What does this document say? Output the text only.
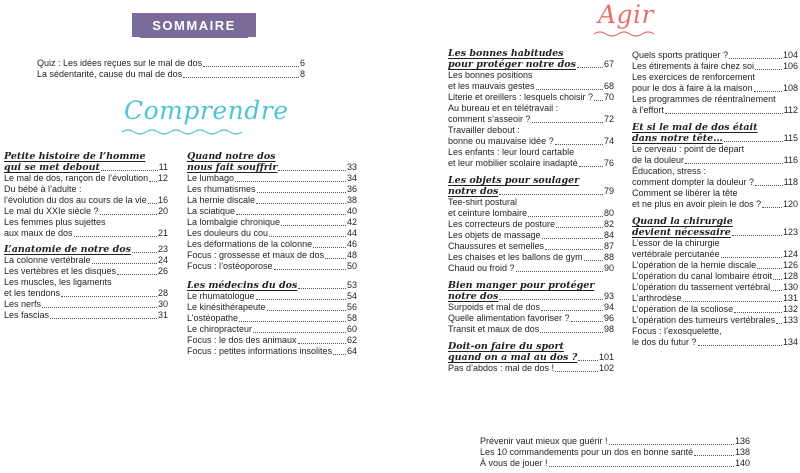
SOMMAIRE
Quiz : Les idées reçues sur le mal de dos	6
La sédentarité, cause du mal de dos	8
Comprendre
Petite histoire de l’homme
qui se met debout	11
Le mal de dos, rançon de l’évolution 12
Du bébé à l’adulte :
l’évolution du dos au cours de la vie 16
Le mal du XXIe siècle ?	20
Les femmes plus sujettes
aux maux de dos	21
L’anatomie de notre dos	23
La colonne vertébrale	24
Les vertèbres et les disques	26
Les muscles, les ligaments
et les tendons	28
Les nerfs	30
Les fascias	31
Quand notre dos
nous fait souffrir	33
Le lumbago	34
Les rhumatismes	36
La hernie discale	38
La sciatique	40
La lombalgie chronique	42
Les douleurs du cou	44
Les déformations de la colonne	46
Focus : grossesse et maux de dos	48
Focus : l’ostéoporose	50
Les médecins du dos	53
Le rhumatologue	54
Le kinésithérapeute	56
L’ostéopathe	58
Le chiropracteur	60
Focus : le dos des animaux	62
Focus : petites informations insolites 64
Agir
Les bonnes habitudes
pour protéger notre dos	67
Les bonnes positions
et les mauvais gestes	68
Literie et oreillers : lesquels choisir ? 70
Au bureau et en télétravail :
comment s’asseoir ?	72
Travailler debout :
bonne ou mauvaise idée ?	74
Les enfants : leur lourd cartable
et leur mobilier scolaire inadapté	76
Les objets pour soulager
notre dos	79
Tee-shirt postural
et ceinture lombaire	80
Les correcteurs de posture	82
Les objets de massage	84
Chaussures et semelles	87
Les chaises et les ballons de gym 88
Chaud ou froid ?	90
Bien manger pour protéger
notre dos	93
Surpoids et mal de dos	94
Quelle alimentation favoriser ?	96
Transit et maux de dos	98
Doit-on faire du sport
quand on a mal au dos ? 101
Pas d’abdos : mal de dos !	102
Quels sports pratiquer ?	104
Les étirements à faire chez soi	106
Les exercices de renforcement
pour le dos à faire à la maison	108
Les programmes de réentraînement
à l’effort	112
Et si le mal de dos était
dans notre tête…	115
Le cerveau : point de départ
de la douleur	116
Éducation, stress :
comment dompter la douleur ?	118
Comment se libérer la tête
et ne plus en avoir plein le dos ? 120
Quand la chirurgie
devient nécessaire	123
L’essor de la chirurgie
vertébrale percutanée	124
L’opération de la hernie discale	126
L’opération du canal lombaire étroit 128
L’opération du tassement vertébral 130
L’arthrodèse	131
L’opération de la scoliose	132
L’opération des tumeurs vertébrales 133
Focus : l’exosquelette,
le dos du futur ?	134
Prévenir vaut mieux que guérir !	136
Les 10 commandements pour un dos en bonne santé	138
À vous de jouer !	140
